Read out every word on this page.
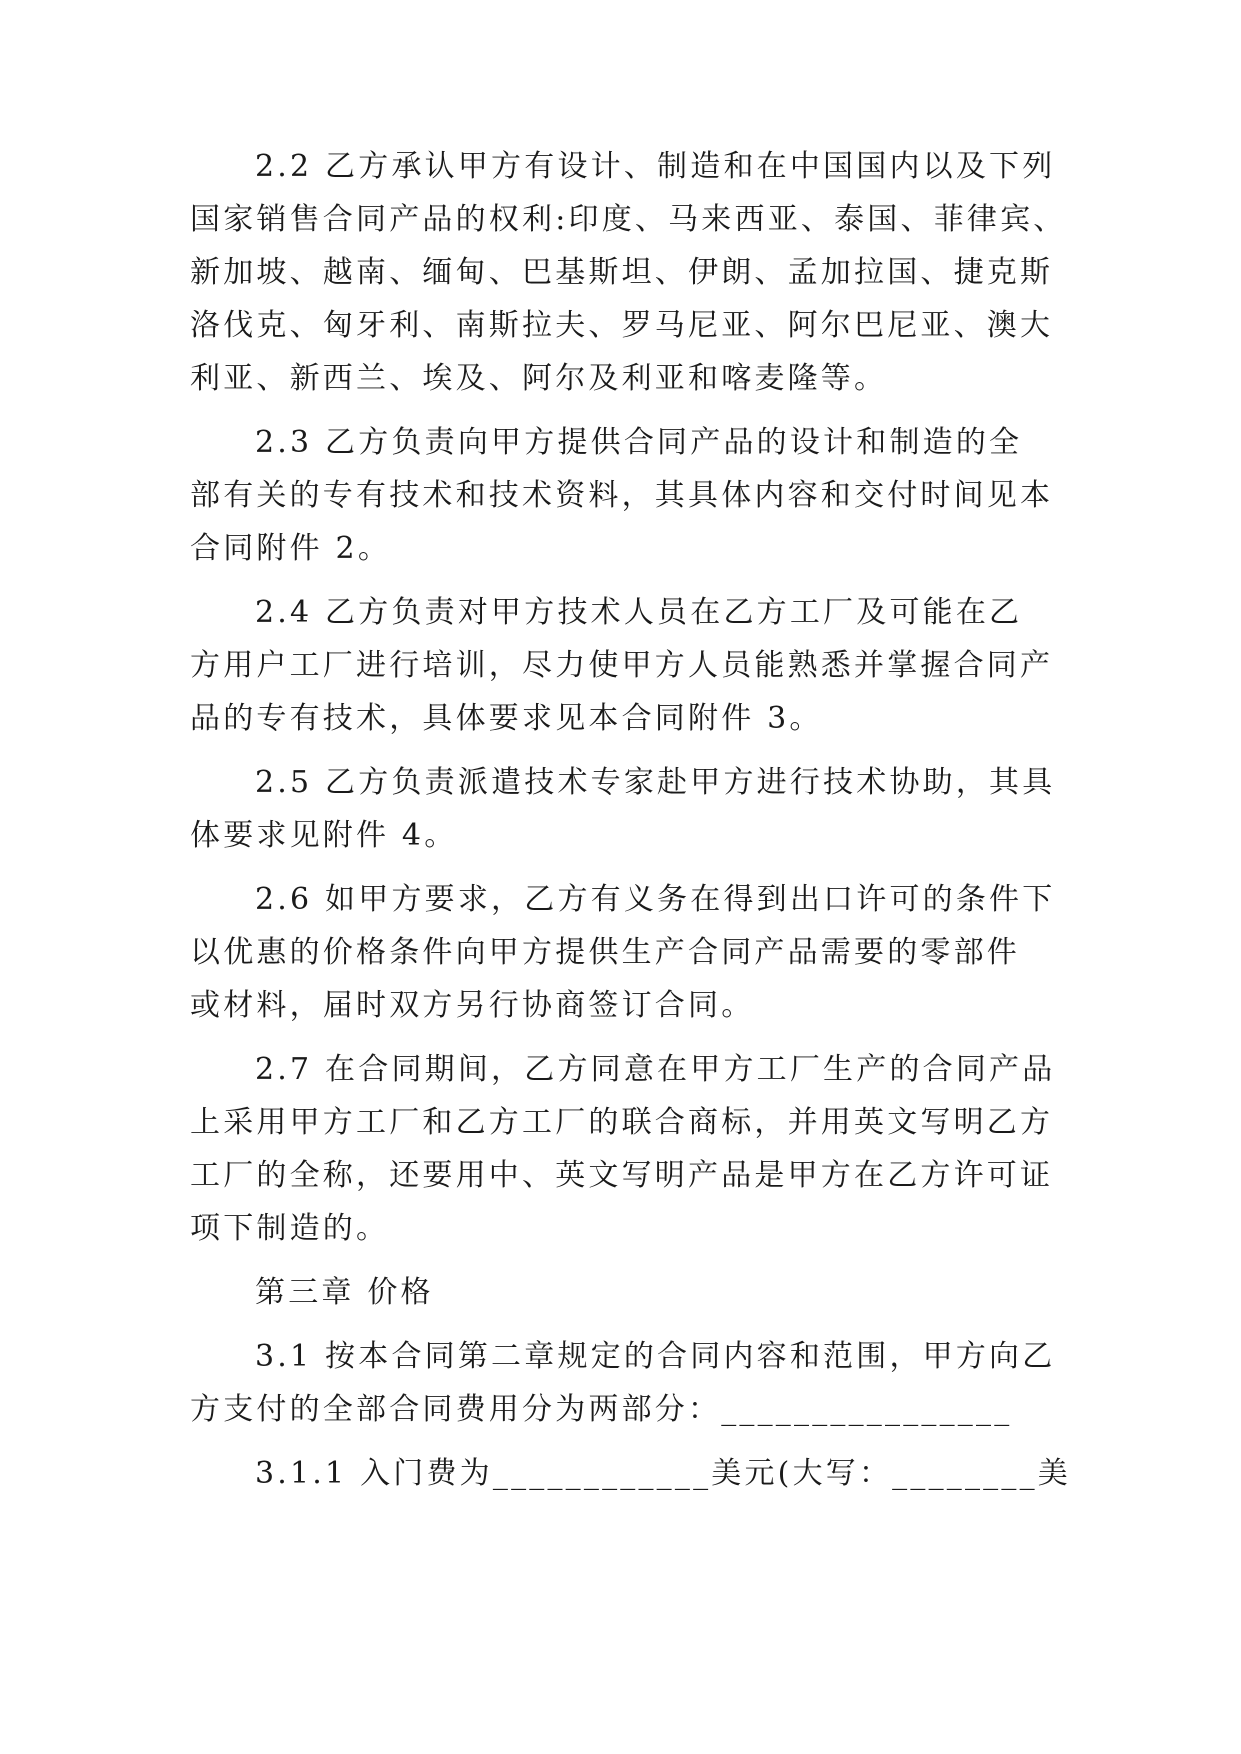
2.2 乙方承认甲方有设计、制造和在中国国内以及下列
国家销售合同产品的权利:印度、马来西亚、泰国、菲律宾、
新加坡、越南、缅甸、巴基斯坦、伊朗、孟加拉国、捷克斯
洛伐克、匈牙利、南斯拉夫、罗马尼亚、阿尔巴尼亚、澳大
利亚、新西兰、埃及、阿尔及利亚和喀麦隆等。
2.3 乙方负责向甲方提供合同产品的设计和制造的全
部有关的专有技术和技术资料，其具体内容和交付时间见本
合同附件 2。
2.4 乙方负责对甲方技术人员在乙方工厂及可能在乙
方用户工厂进行培训，尽力使甲方人员能熟悉并掌握合同产
品的专有技术，具体要求见本合同附件 3。
2.5 乙方负责派遣技术专家赴甲方进行技术协助，其具
体要求见附件 4。
2.6 如甲方要求，乙方有义务在得到出口许可的条件下
以优惠的价格条件向甲方提供生产合同产品需要的零部件
或材料，届时双方另行协商签订合同。
2.7 在合同期间，乙方同意在甲方工厂生产的合同产品
上采用甲方工厂和乙方工厂的联合商标，并用英文写明乙方
工厂的全称，还要用中、英文写明产品是甲方在乙方许可证
项下制造的。
第三章 价格
3.1 按本合同第二章规定的合同内容和范围，甲方向乙
方支付的全部合同费用分为两部分：________________
3.1.1 入门费为____________美元(大写：________美
